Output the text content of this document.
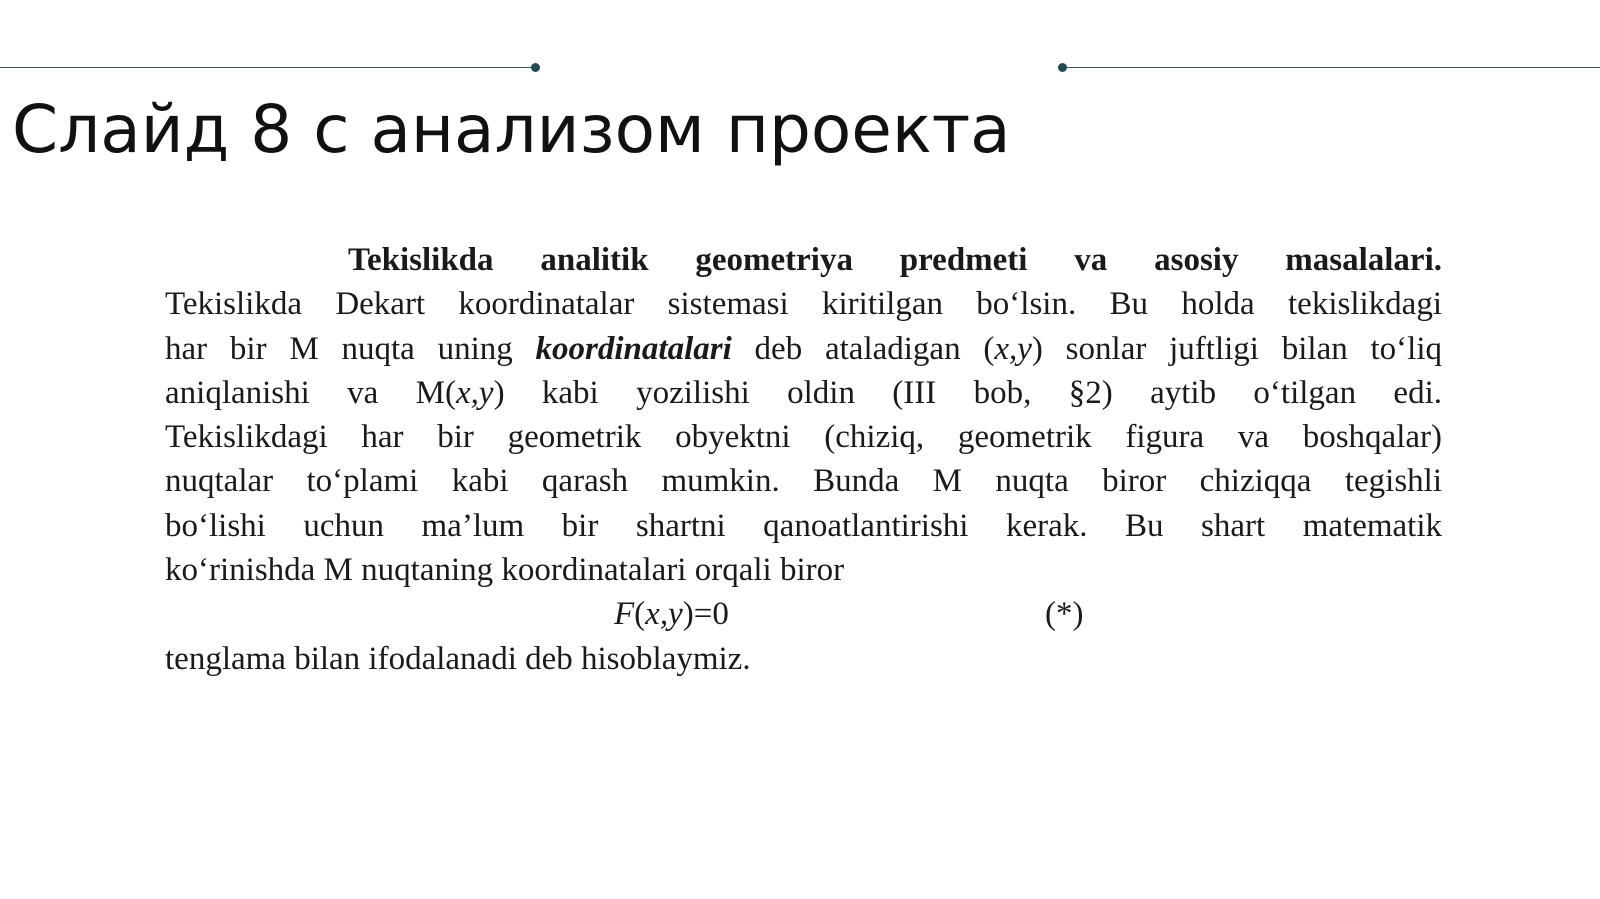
Слайд 8 с анализом проекта
Tekislikda analitik geometriya predmeti va asosiy masalalari.
Tekislikda Dekart koordinatalar sistemasi kiritilgan bo‘lsin. Bu holda tekislikdagi
har bir M nuqta uning koordinatalari deb ataladigan (x,y) sonlar juftligi bilan to‘liq
aniqlanishi va M(x,y) kabi yozilishi oldin (III bob, §2) aytib o‘tilgan edi.
Tekislikdagi har bir geometrik obyektni (chiziq, geometrik figura va boshqalar)
nuqtalar to‘plami kabi qarash mumkin. Bunda M nuqta biror chiziqqa tegishli
bo‘lishi uchun ma’lum bir shartni qanoatlantirishi kerak. Bu shart matematik
ko‘rinishda M nuqtaning koordinatalari orqali biror
F(x,y)=0	(*)
tenglama bilan ifodalanadi deb hisoblaymiz.
